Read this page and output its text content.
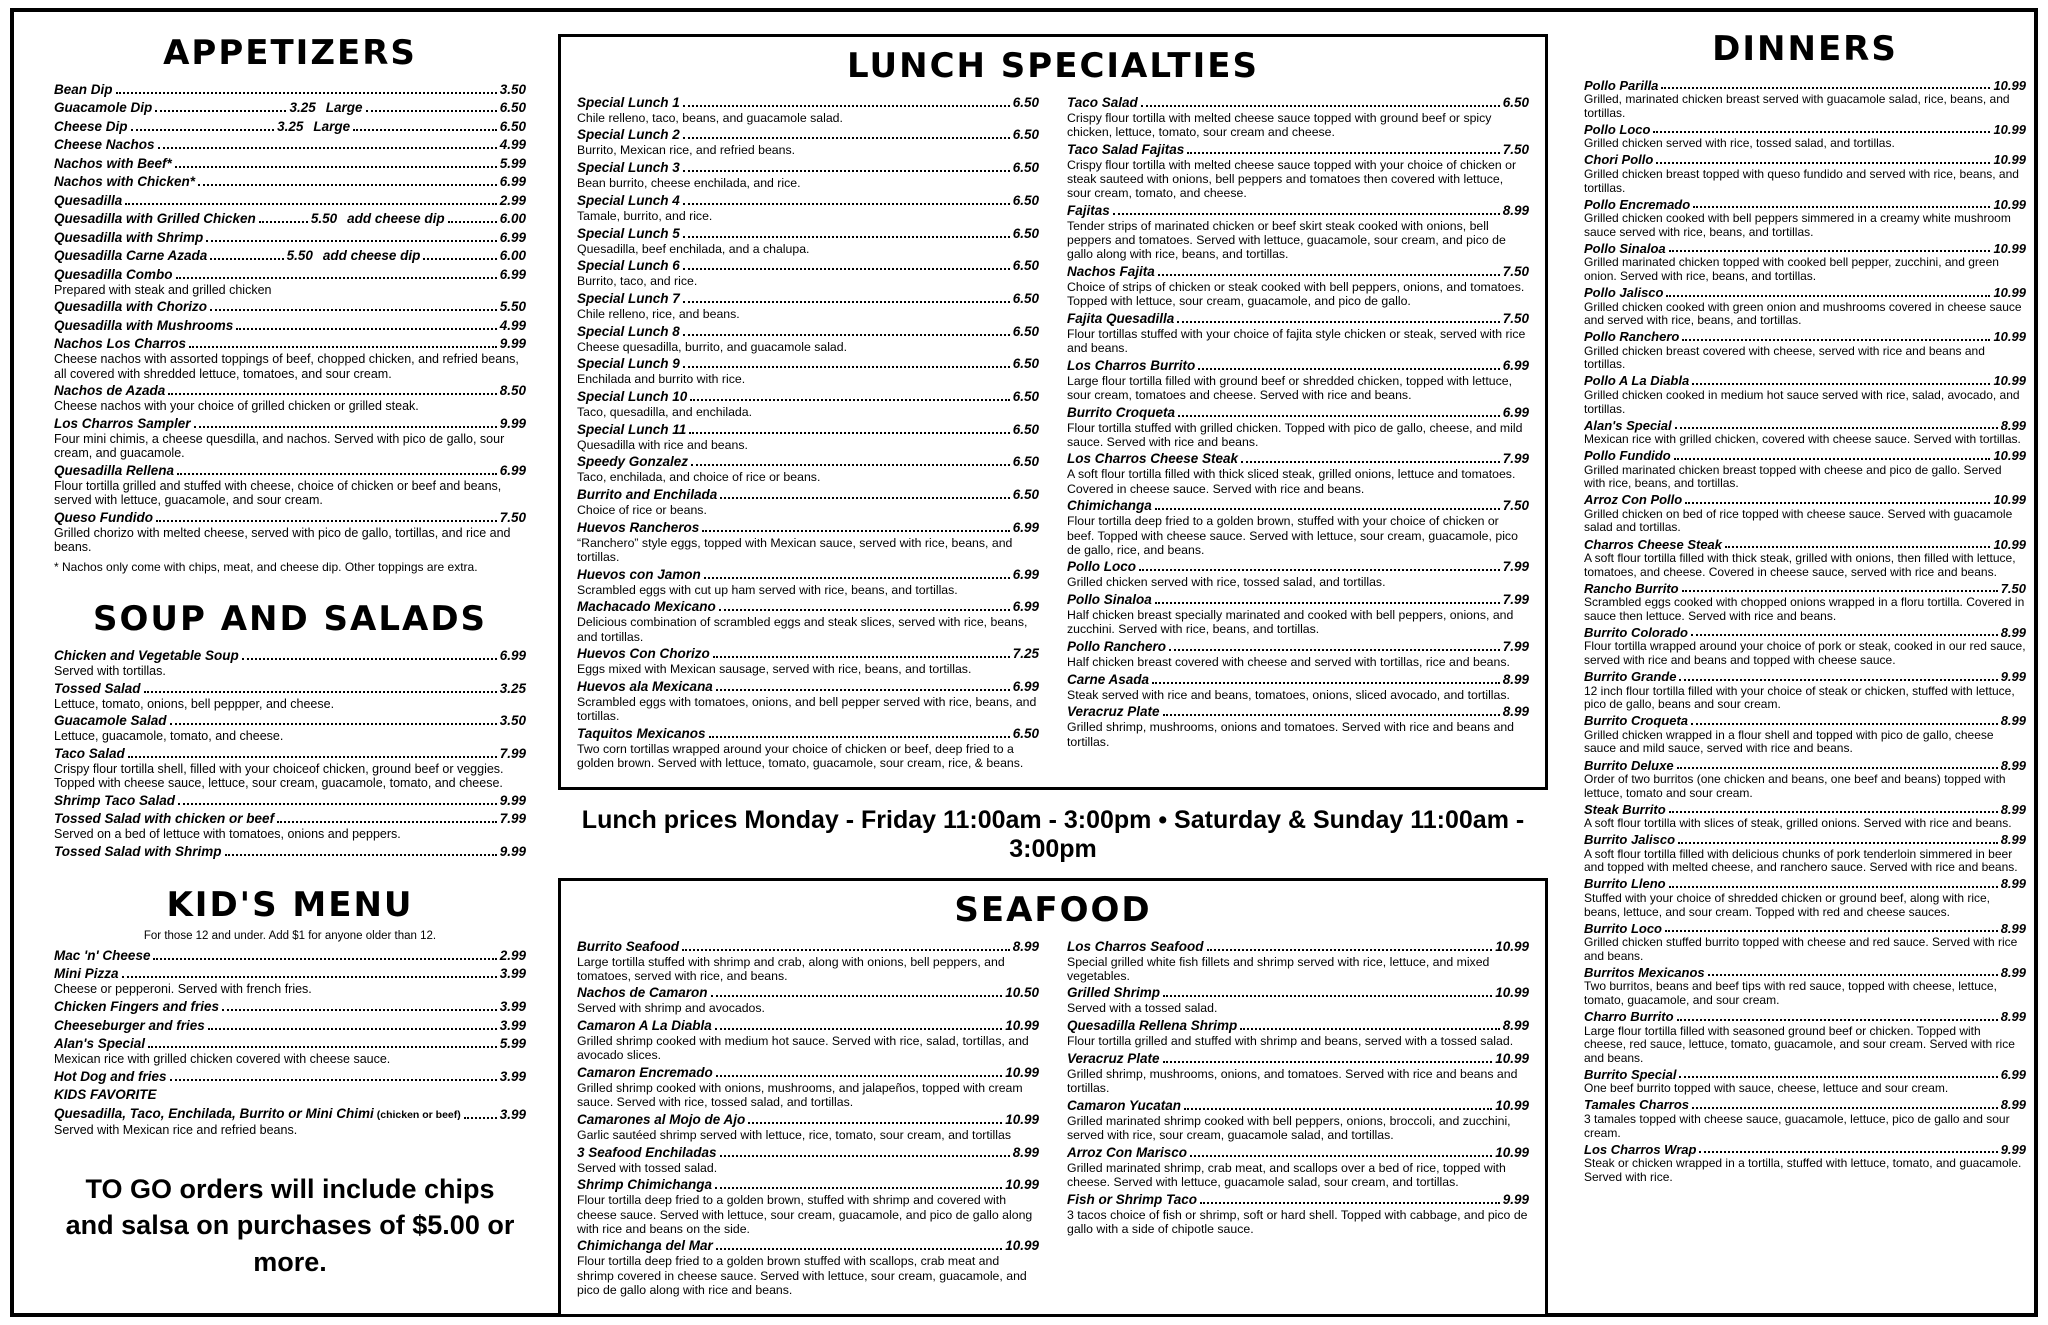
APPETIZERS
Bean Dip	3.50
Guacamole Dip	3.25 Large	6.50
Cheese Dip	3.25 Large	6.50
Cheese Nachos	4.99
Nachos with Beef*	5.99
Nachos with Chicken*	6.99
Quesadilla	2.99
Quesadilla with Grilled Chicken	5.50 add cheese dip	6.00
Quesadilla with Shrimp	6.99
Quesadilla Carne Azada	5.50 add cheese dip	6.00
Quesadilla Combo	6.99
Prepared with steak and grilled chicken
Quesadilla with Chorizo	5.50
Quesadilla with Mushrooms	4.99
Nachos Los Charros	9.99
Cheese nachos with assorted toppings of beef, chopped chicken, and refried beans, all covered with shredded lettuce, tomatoes, and sour cream.
Nachos de Azada	8.50
Cheese nachos with your choice of grilled chicken or grilled steak.
Los Charros Sampler	9.99
Four mini chimis, a cheese quesdilla, and nachos. Served with pico de gallo, sour cream, and guacamole.
Quesadilla Rellena	6.99
Flour tortilla grilled and stuffed with cheese, choice of chicken or beef and beans, served with lettuce, guacamole, and sour cream.
Queso Fundido	7.50
Grilled chorizo with melted cheese, served with pico de gallo, tortillas, and rice and beans.
* Nachos only come with chips, meat, and cheese dip. Other toppings are extra.
SOUP AND SALADS
Chicken and Vegetable Soup	6.99
Served with tortillas.
Tossed Salad	3.25
Lettuce, tomato, onions, bell peppper, and cheese.
Guacamole Salad	3.50
Lettuce, guacamole, tomato, and cheese.
Taco Salad	7.99
Crispy flour tortilla shell, filled with your choiceof chicken, ground beef or veggies. Topped with cheese sauce, lettuce, sour cream, guacamole, tomato, and cheese.
Shrimp Taco Salad	9.99
Tossed Salad with chicken or beef	7.99
Served on a bed of lettuce with tomatoes, onions and peppers.
Tossed Salad with Shrimp	9.99
KID'S MENU
For those 12 and under. Add $1 for anyone older than 12.
Mac 'n' Cheese	2.99
Mini Pizza	3.99
Cheese or pepperoni. Served with french fries.
Chicken Fingers and fries	3.99
Cheeseburger and fries	3.99
Alan's Special	5.99
Mexican rice with grilled chicken covered with cheese sauce.
Hot Dog and fries	3.99
KIDS FAVORITE
Quesadilla, Taco, Enchilada, Burrito or Mini Chimi (chicken or beef)	3.99
Served with Mexican rice and refried beans.
TO GO orders will include chips and salsa on purchases of $5.00 or more.
LUNCH SPECIALTIES
Special Lunch 1	6.50
Chile relleno, taco, beans, and guacamole salad.
Special Lunch 2	6.50
Burrito, Mexican rice, and refried beans.
Special Lunch 3	6.50
Bean burrito, cheese enchilada, and rice.
Special Lunch 4	6.50
Tamale, burrito, and rice.
Special Lunch 5	6.50
Quesadilla, beef enchilada, and a chalupa.
Special Lunch 6	6.50
Burrito, taco, and rice.
Special Lunch 7	6.50
Chile relleno, rice, and beans.
Special Lunch 8	6.50
Cheese quesadilla, burrito, and guacamole salad.
Special Lunch 9	6.50
Enchilada and burrito with rice.
Special Lunch 10	6.50
Taco, quesadilla, and enchilada.
Special Lunch 11	6.50
Quesadilla with rice and beans.
Speedy Gonzalez	6.50
Taco, enchilada, and choice of rice or beans.
Burrito and Enchilada	6.50
Choice of rice or beans.
Huevos Rancheros	6.99
“Ranchero” style eggs, topped with Mexican sauce, served with rice, beans, and tortillas.
Huevos con Jamon	6.99
Scrambled eggs with cut up ham served with rice, beans, and tortillas.
Machacado Mexicano	6.99
Delicious combination of scrambled eggs and steak slices, served with rice, beans, and tortillas.
Huevos Con Chorizo	7.25
Eggs mixed with Mexican sausage, served with rice, beans, and tortillas.
Huevos ala Mexicana	6.99
Scrambled eggs with tomatoes, onions, and bell pepper served with rice, beans, and tortillas.
Taquitos Mexicanos	6.50
Two corn tortillas wrapped around your choice of chicken or beef, deep fried to a golden brown. Served with lettuce, tomato, guacamole, sour cream, rice, & beans.
Taco Salad	6.50
Crispy flour tortilla with melted cheese sauce topped with ground beef or spicy chicken, lettuce, tomato, sour cream and cheese.
Taco Salad Fajitas	7.50
Crispy flour tortilla with melted cheese sauce topped with your choice of chicken or steak sauteed with onions, bell peppers and tomatoes then covered with lettuce, sour cream, tomato, and cheese.
Fajitas	8.99
Tender strips of marinated chicken or beef skirt steak cooked with onions, bell peppers and tomatoes. Served with lettuce, guacamole, sour cream, and pico de gallo along with rice, beans, and tortillas.
Nachos Fajita	7.50
Choice of strips of chicken or steak cooked with bell peppers, onions, and tomatoes. Topped with lettuce, sour cream, guacamole, and pico de gallo.
Fajita Quesadilla	7.50
Flour tortillas stuffed with your choice of fajita style chicken or steak, served with rice and beans.
Los Charros Burrito	6.99
Large flour tortilla filled with ground beef or shredded chicken, topped with lettuce, sour cream, tomatoes and cheese. Served with rice and beans.
Burrito Croqueta	6.99
Flour tortilla stuffed with grilled chicken. Topped with pico de gallo, cheese, and mild sauce. Served with rice and beans.
Los Charros Cheese Steak	7.99
A soft flour tortilla filled with thick sliced steak, grilled onions, lettuce and tomatoes. Covered in cheese sauce. Served with rice and beans.
Chimichanga	7.50
Flour tortilla deep fried to a golden brown, stuffed with your choice of chicken or beef. Topped with cheese sauce. Served with lettuce, sour cream, guacamole, pico de gallo, rice, and beans.
Pollo Loco	7.99
Grilled chicken served with rice, tossed salad, and tortillas.
Pollo Sinaloa	7.99
Half chicken breast specially marinated and cooked with bell peppers, onions, and zucchini. Served with rice, beans, and tortillas.
Pollo Ranchero	7.99
Half chicken breast covered with cheese and served with tortillas, rice and beans.
Carne Asada	8.99
Steak served with rice and beans, tomatoes, onions, sliced avocado, and tortillas.
Veracruz Plate	8.99
Grilled shrimp, mushrooms, onions and tomatoes. Served with rice and beans and tortillas.
Lunch prices Monday - Friday 11:00am - 3:00pm • Saturday & Sunday 11:00am - 3:00pm
SEAFOOD
Burrito Seafood	8.99
Large tortilla stuffed with shrimp and crab, along with onions, bell peppers, and tomatoes, served with rice, and beans.
Nachos de Camaron	10.50
Served with shrimp and avocados.
Camaron A La Diabla	10.99
Grilled shrimp cooked with medium hot sauce. Served with rice, salad, tortillas, and avocado slices.
Camaron Encremado	10.99
Grilled shrimp cooked with onions, mushrooms, and jalapeños, topped with cream sauce. Served with rice, tossed salad, and tortillas.
Camarones al Mojo de Ajo	10.99
Garlic sautéed shrimp served with lettuce, rice, tomato, sour cream, and tortillas
3 Seafood Enchiladas	8.99
Served with tossed salad.
Shrimp Chimichanga	10.99
Flour tortilla deep fried to a golden brown, stuffed with shrimp and covered with cheese sauce. Served with lettuce, sour cream, guacamole, and pico de gallo along with rice and beans on the side.
Chimichanga del Mar	10.99
Flour tortilla deep fried to a golden brown stuffed with scallops, crab meat and shrimp covered in cheese sauce. Served with lettuce, sour cream, guacamole, and pico de gallo along with rice and beans.
Los Charros Seafood	10.99
Special grilled white fish fillets and shrimp served with rice, lettuce, and mixed vegetables.
Grilled Shrimp	10.99
Served with a tossed salad.
Quesadilla Rellena Shrimp	8.99
Flour tortilla grilled and stuffed with shrimp and beans, served with a tossed salad.
Veracruz Plate	10.99
Grilled shrimp, mushrooms, onions, and tomatoes. Served with rice and beans and tortillas.
Camaron Yucatan	10.99
Grilled marinated shrimp cooked with bell peppers, onions, broccoli, and zucchini, served with rice, sour cream, guacamole salad, and tortillas.
Arroz Con Marisco	10.99
Grilled marinated shrimp, crab meat, and scallops over a bed of rice, topped with cheese. Served with lettuce, guacamole salad, sour cream, and tortillas.
Fish or Shrimp Taco	9.99
3 tacos choice of fish or shrimp, soft or hard shell. Topped with cabbage, and pico de gallo with a side of chipotle sauce.
DINNERS
Pollo Parilla	10.99
Grilled, marinated chicken breast served with guacamole salad, rice, beans, and tortillas.
Pollo Loco	10.99
Grilled chicken served with rice, tossed salad, and tortillas.
Chori Pollo	10.99
Grilled chicken breast topped with queso fundido and served with rice, beans, and tortillas.
Pollo Encremado	10.99
Grilled chicken cooked with bell peppers simmered in a creamy white mushroom sauce served with rice, beans, and tortillas.
Pollo Sinaloa	10.99
Grilled marinated chicken topped with cooked bell pepper, zucchini, and green onion. Served with rice, beans, and tortillas.
Pollo Jalisco	10.99
Grilled chicken cooked with green onion and mushrooms covered in cheese sauce and served with rice, beans, and tortillas.
Pollo Ranchero	10.99
Grilled chicken breast covered with cheese, served with rice and beans and tortillas.
Pollo A La Diabla	10.99
Grilled chicken cooked in medium hot sauce served with rice, salad, avocado, and tortillas.
Alan's Special	8.99
Mexican rice with grilled chicken, covered with cheese sauce. Served with tortillas.
Pollo Fundido	10.99
Grilled marinated chicken breast topped with cheese and pico de gallo. Served with rice, beans, and tortillas.
Arroz Con Pollo	10.99
Grilled chicken on bed of rice topped with cheese sauce. Served with guacamole salad and tortillas.
Charros Cheese Steak	10.99
A soft flour tortilla filled with thick steak, grilled with onions, then filled with lettuce, tomatoes, and cheese. Covered in cheese sauce, served with rice and beans.
Rancho Burrito	7.50
Scrambled eggs cooked with chopped onions wrapped in a floru tortilla. Covered in sauce then lettuce. Served with rice and beans.
Burrito Colorado	8.99
Flour tortilla wrapped around your choice of pork or steak, cooked in our red sauce, served with rice and beans and topped with cheese sauce.
Burrito Grande	9.99
12 inch flour tortilla filled with your choice of steak or chicken, stuffed with lettuce, pico de gallo, beans and sour cream.
Burrito Croqueta	8.99
Grilled chicken wrapped in a flour shell and topped with pico de gallo, cheese sauce and mild sauce, served with rice and beans.
Burrito Deluxe	8.99
Order of two burritos (one chicken and beans, one beef and beans) topped with lettuce, tomato and sour cream.
Steak Burrito	8.99
A soft flour tortilla with slices of steak, grilled onions. Served with rice and beans.
Burrito Jalisco	8.99
A soft flour tortilla filled with delicious chunks of pork tenderloin simmered in beer and topped with melted cheese, and ranchero sauce. Served with rice and beans.
Burrito Lleno	8.99
Stuffed with your choice of shredded chicken or ground beef, along with rice, beans, lettuce, and sour cream. Topped with red and cheese sauces.
Burrito Loco	8.99
Grilled chicken stuffed burrito topped with cheese and red sauce. Served with rice and beans.
Burritos Mexicanos	8.99
Two burritos, beans and beef tips with red sauce, topped with cheese, lettuce, tomato, guacamole, and sour cream.
Charro Burrito	8.99
Large flour tortilla filled with seasoned ground beef or chicken. Topped with cheese, red sauce, lettuce, tomato, guacamole, and sour cream. Served with rice and beans.
Burrito Special	6.99
One beef burrito topped with sauce, cheese, lettuce and sour cream.
Tamales Charros	8.99
3 tamales topped with cheese sauce, guacamole, lettuce, pico de gallo and sour cream.
Los Charros Wrap	9.99
Steak or chicken wrapped in a tortilla, stuffed with lettuce, tomato, and guacamole. Served with rice.
